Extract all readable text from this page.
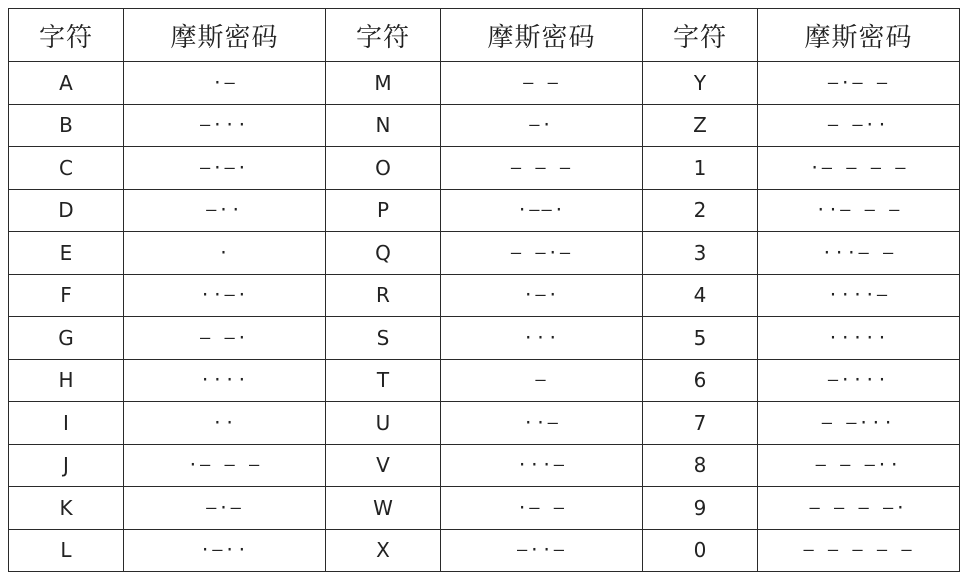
字符	摩斯密码	字符	摩斯密码	字符	摩斯密码
A	·–	M	– –	Y	–·– –
B	–···	N	–·	Z	– –··
C	–·–·	O	– – –	1	·– – – –
D	–··	P	·––·	2	··– – –
E	·	Q	– –·–	3	···– –
F	··–·	R	·–·	4	····–
G	– –·	S	···	5	·····
H	····	T	–	6	–····
I	··	U	··–	7	– –···
J	·– – –	V	···–	8	– – –··
K	–·–	W	·– –	9	– – – –·
L	·–··	X	–··–	0	– – – – –
